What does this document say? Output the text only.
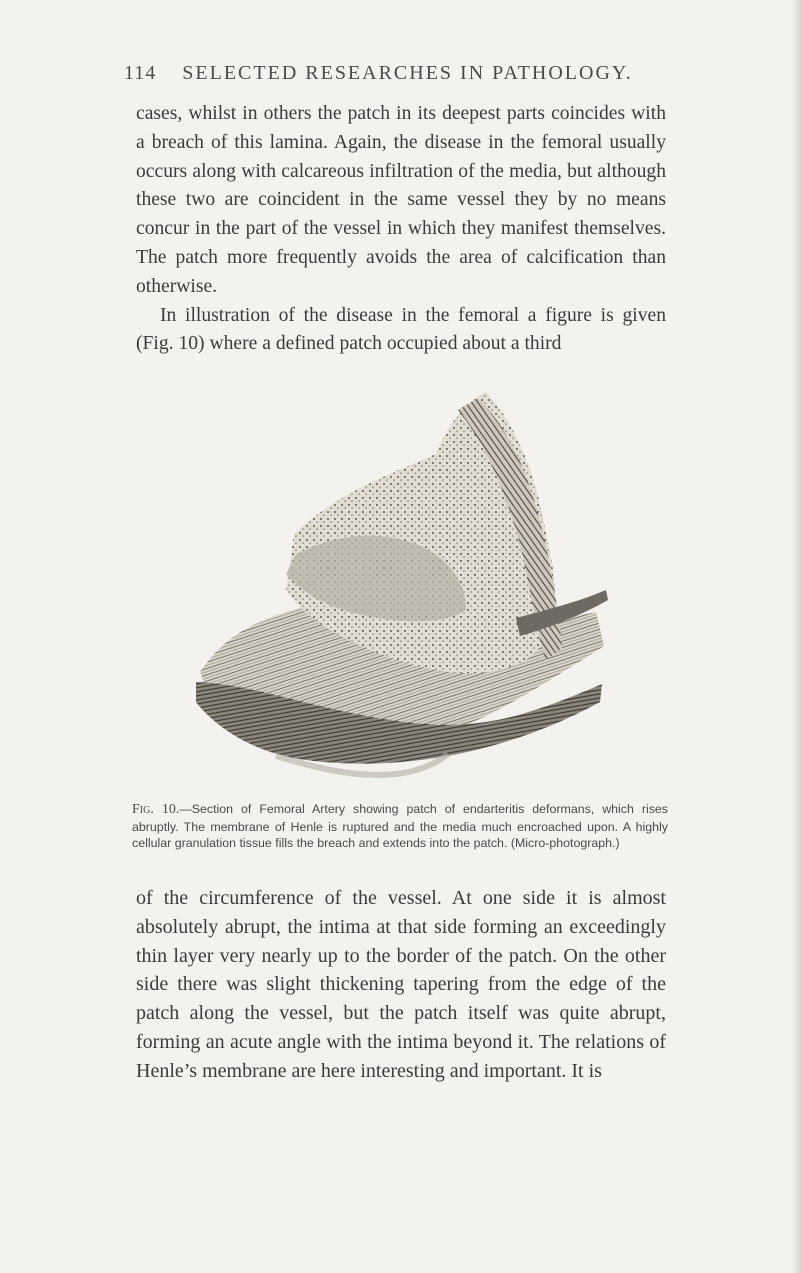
114 SELECTED RESEARCHES IN PATHOLOGY.

cases, whilst in others the patch in its deepest parts coincides with a breach of this lamina. Again, the disease in the femoral usually occurs along with calcareous infiltration of the media, but although these two are coincident in the same vessel they by no means concur in the part of the vessel in which they manifest themselves. The patch more frequently avoids the area of calcification than otherwise.

In illustration of the disease in the femoral a figure is given (Fig. 10) where a defined patch occupied about a third

Fig. 10.—Section of Femoral Artery showing patch of endarteritis deformans, which rises abruptly. The membrane of Henle is ruptured and the media much encroached upon. A highly cellular granulation tissue fills the breach and extends into the patch. (Micro-photograph.)

of the circumference of the vessel. At one side it is almost absolutely abrupt, the intima at that side forming an exceedingly thin layer very nearly up to the border of the patch. On the other side there was slight thickening tapering from the edge of the patch along the vessel, but the patch itself was quite abrupt, forming an acute angle with the intima beyond it. The relations of Henle’s membrane are here interesting and important. It is
